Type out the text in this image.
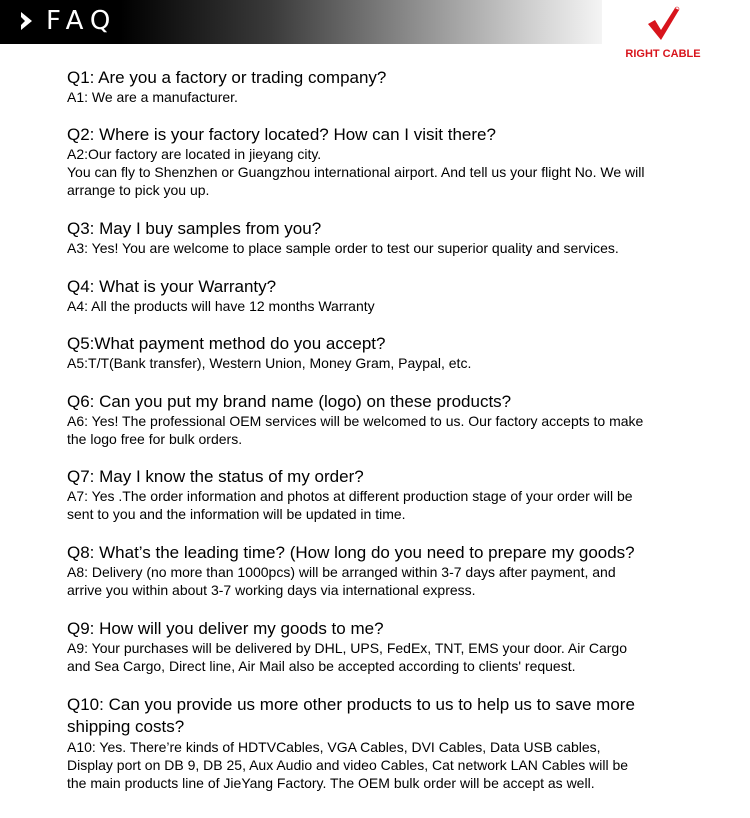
FAQ
RIGHT CABLE
Q1: Are you a factory or trading company?
A1: We are a manufacturer.
Q2: Where is your factory located? How can I visit there?
A2:Our factory are located in jieyang city.
You can fly to Shenzhen or Guangzhou international airport. And tell us your flight No. We will
arrange to pick you up.
Q3: May I buy samples from you?
A3: Yes! You are welcome to place sample order to test our superior quality and services.
Q4: What is your Warranty?
A4: All the products will have 12 months Warranty
Q5:What payment method do you accept?
A5:T/T(Bank transfer), Western Union, Money Gram, Paypal, etc.
Q6: Can you put my brand name (logo) on these products?
A6: Yes! The professional OEM services will be welcomed to us. Our factory accepts to make
the logo free for bulk orders.
Q7: May I know the status of my order?
A7: Yes .The order information and photos at different production stage of your order will be
sent to you and the information will be updated in time.
Q8: What’s the leading time? (How long do you need to prepare my goods?
A8: Delivery (no more than 1000pcs) will be arranged within 3-7 days after payment, and
arrive you within about 3-7 working days via international express.
Q9: How will you deliver my goods to me?
A9: Your purchases will be delivered by DHL, UPS, FedEx, TNT, EMS your door. Air Cargo
and Sea Cargo, Direct line, Air Mail also be accepted according to clients' request.
Q10: Can you provide us more other products to us to help us to save more
shipping costs?
A10: Yes. There’re kinds of HDTVCables, VGA Cables, DVI Cables, Data USB cables,
Display port on DB 9, DB 25, Aux Audio and video Cables, Cat network LAN Cables will be
the main products line of JieYang Factory. The OEM bulk order will be accept as well.
